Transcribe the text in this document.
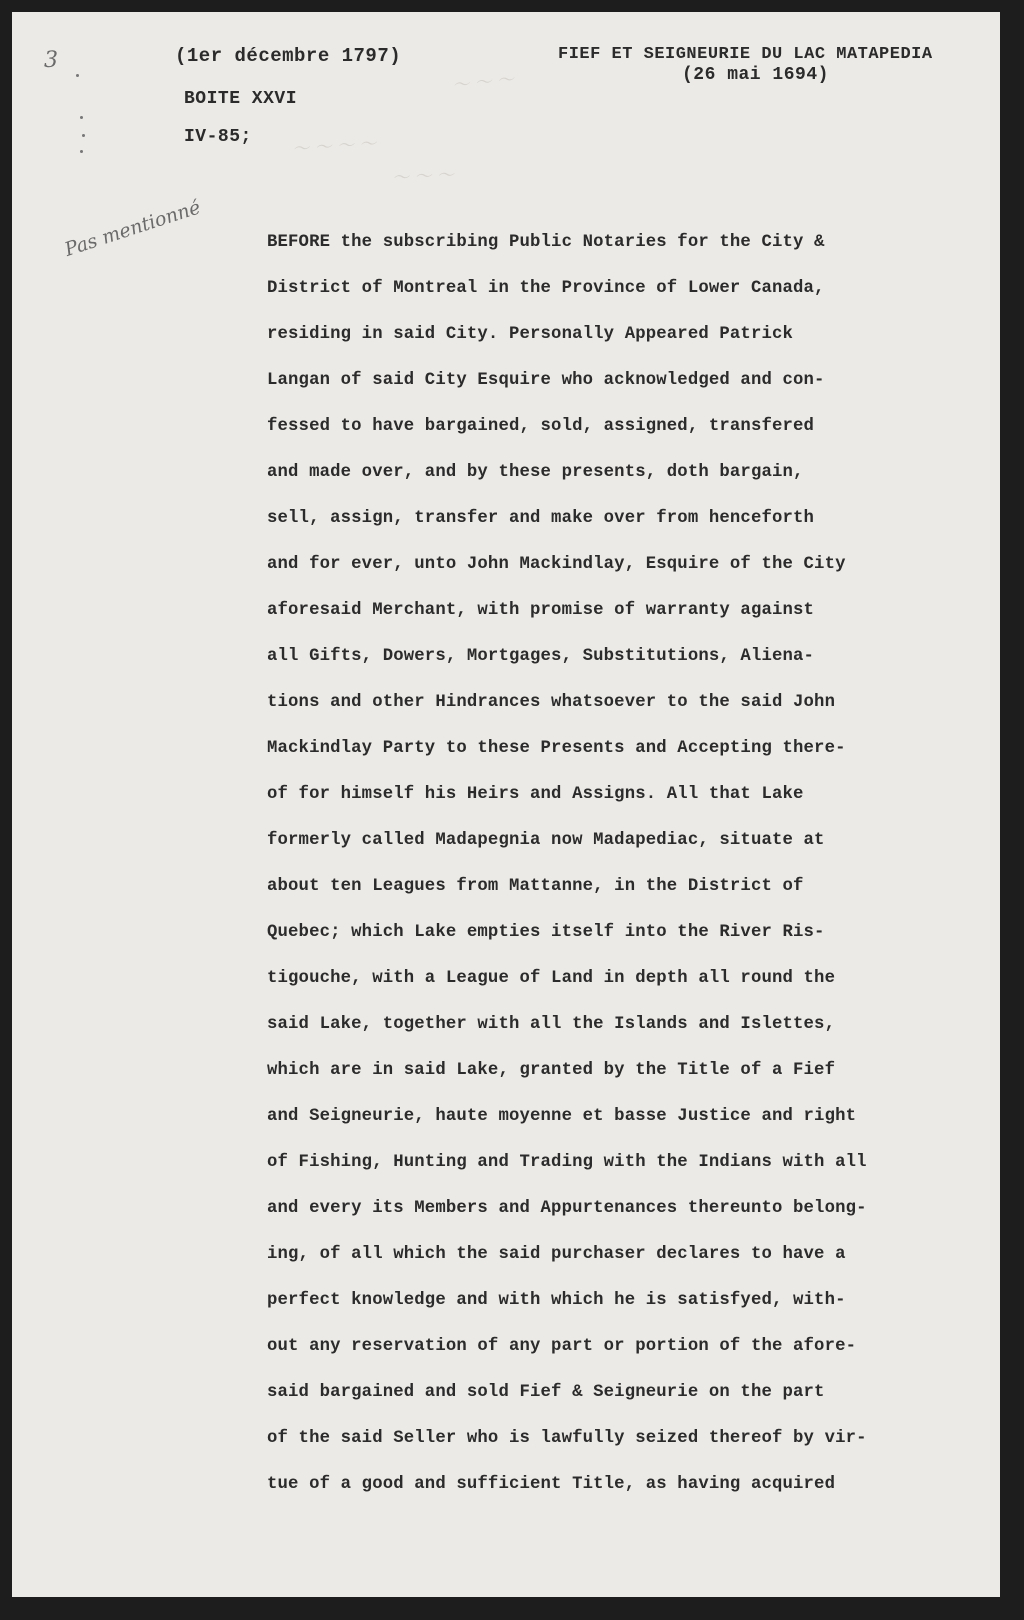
3	(1er décembre 1797)	FIEF ET SEIGNEURIE DU LAC MATAPEDIA
(26 mai 1694)
BOITE XXVI
IV-85;
～ ～ ～
～ ～ ～ ～
～ ～ ～
Pas mentionné	BEFORE the subscribing Public Notaries for the City &
District of Montreal in the Province of Lower Canada,
residing in said City. Personally Appeared Patrick
Langan of said City Esquire who acknowledged and con-
fessed to have bargained, sold, assigned, transfered
and made over, and by these presents, doth bargain,
sell, assign, transfer and make over from henceforth
and for ever, unto John Mackindlay, Esquire of the City
aforesaid Merchant, with promise of warranty against
all Gifts, Dowers, Mortgages, Substitutions, Aliena-
tions and other Hindrances whatsoever to the said John
Mackindlay Party to these Presents and Accepting there-
of for himself his Heirs and Assigns. All that Lake
formerly called Madapegnia now Madapediac, situate at
about ten Leagues from Mattanne, in the District of
Quebec; which Lake empties itself into the River Ris-
tigouche, with a League of Land in depth all round the
said Lake, together with all the Islands and Islettes,
which are in said Lake, granted by the Title of a Fief
and Seigneurie, haute moyenne et basse Justice and right
of Fishing, Hunting and Trading with the Indians with all
and every its Members and Appurtenances thereunto belong-
ing, of all which the said purchaser declares to have a
perfect knowledge and with which he is satisfyed, with-
out any reservation of any part or portion of the afore-
said bargained and sold Fief & Seigneurie on the part
of the said Seller who is lawfully seized thereof by vir-
tue of a good and sufficient Title, as having acquired
